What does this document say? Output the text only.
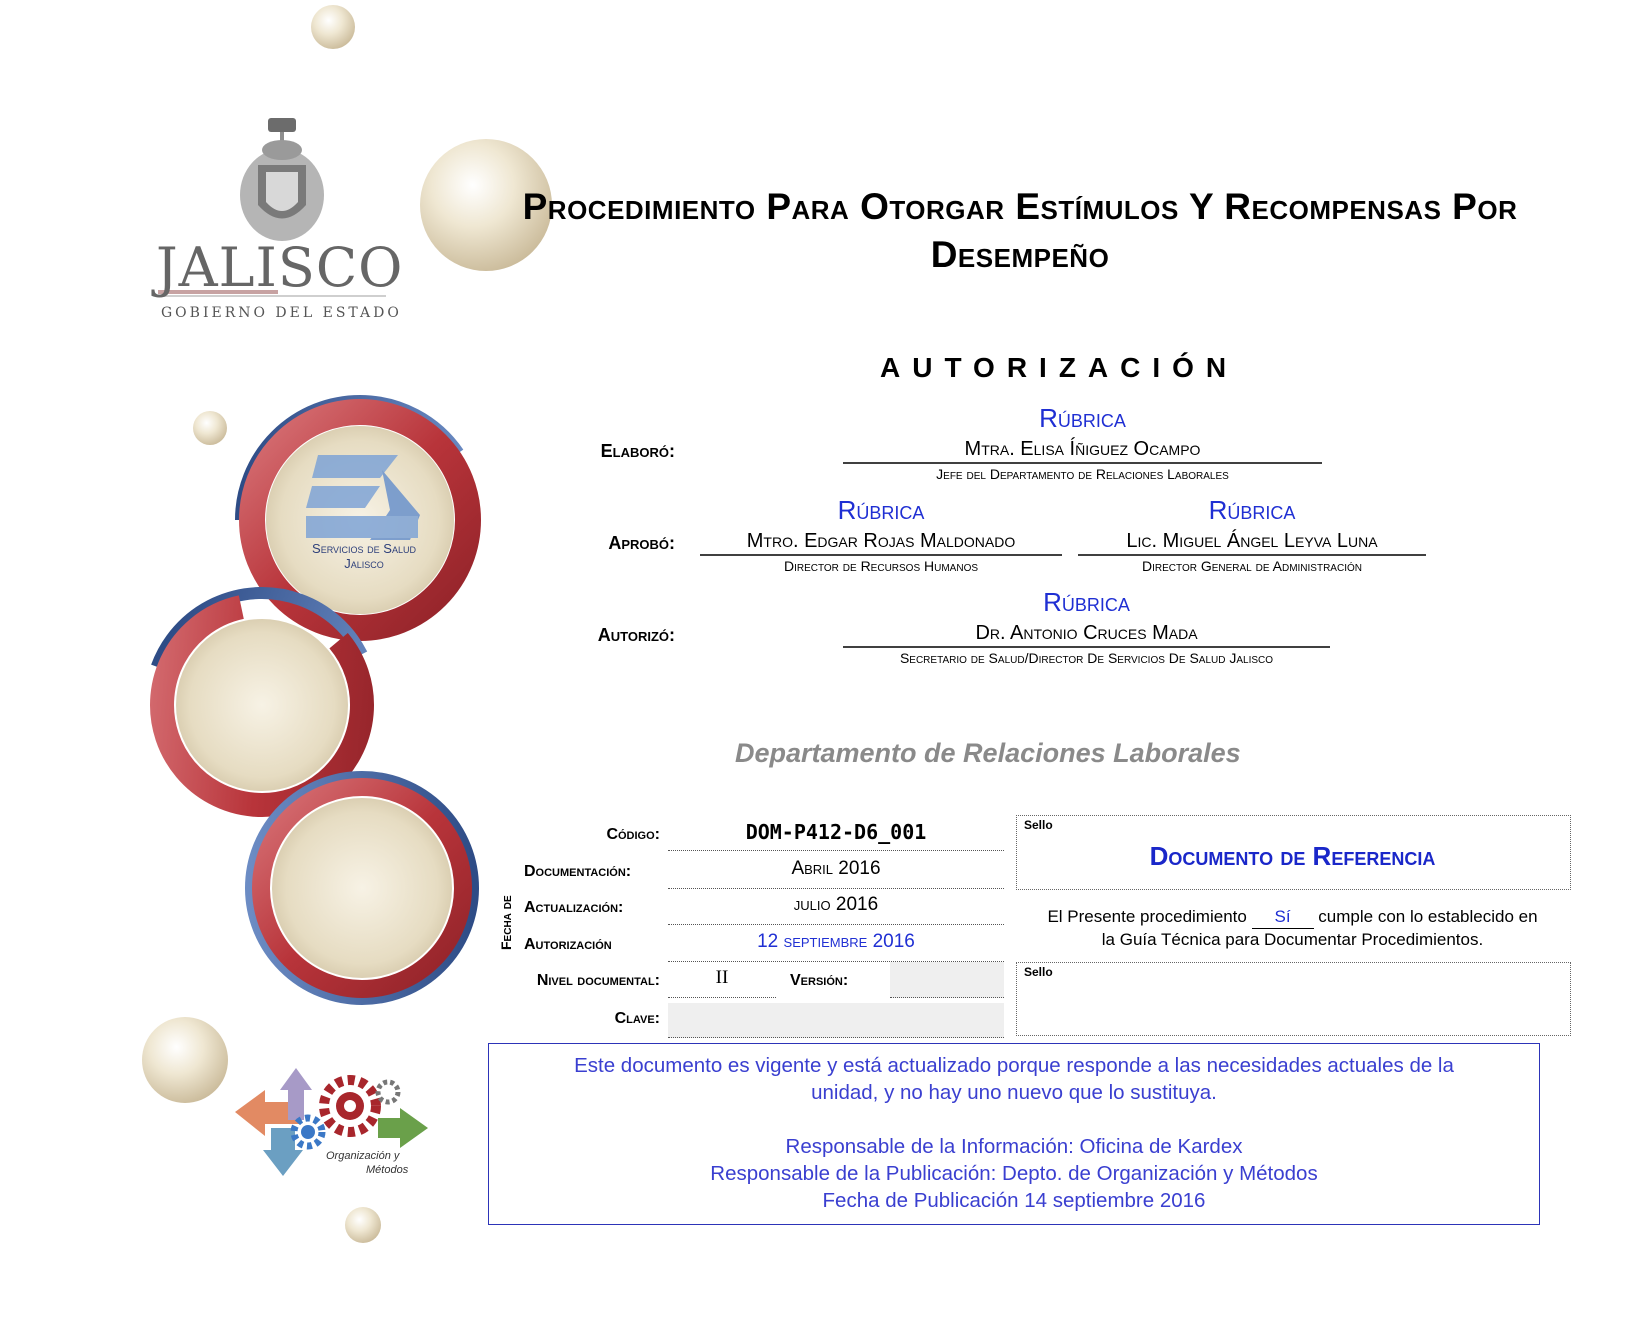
JALISCO
GOBIERNO DEL ESTADO
Servicios de Salud
Jalisco
Organización y
Métodos
Procedimiento Para Otorgar Estímulos Y Recompensas Por
Desempeño
AUTORIZACIÓN
Elaboró:
Rúbrica
Mtra. Elisa Íñiguez Ocampo
Jefe del Departamento de Relaciones Laborales
Aprobó:
Rúbrica
Mtro. Edgar Rojas Maldonado
Director de Recursos Humanos
Rúbrica
Lic. Miguel Ángel Leyva Luna
Director General de Administración
Autorizó:
Rúbrica
Dr. Antonio Cruces Mada
Secretario de Salud/Director De Servicios De Salud Jalisco
Departamento de Relaciones Laborales
Código:	DOM-P412-D6_001
Fecha de
Documentación:	Abril 2016
Actualización:	julio 2016
Autorización	12 septiembre 2016
Nivel documental:	II	Versión:
Clave:
Sello
Documento de Referencia
El Presente procedimiento Sí cumple con lo establecido en
la Guía Técnica para Documentar Procedimientos.
Sello
Este documento es vigente y está actualizado porque responde a las necesidades actuales de la
unidad, y no hay uno nuevo que lo sustituya.
Responsable de la Información: Oficina de Kardex
Responsable de la Publicación: Depto. de Organización y Métodos
Fecha de Publicación 14 septiembre 2016
